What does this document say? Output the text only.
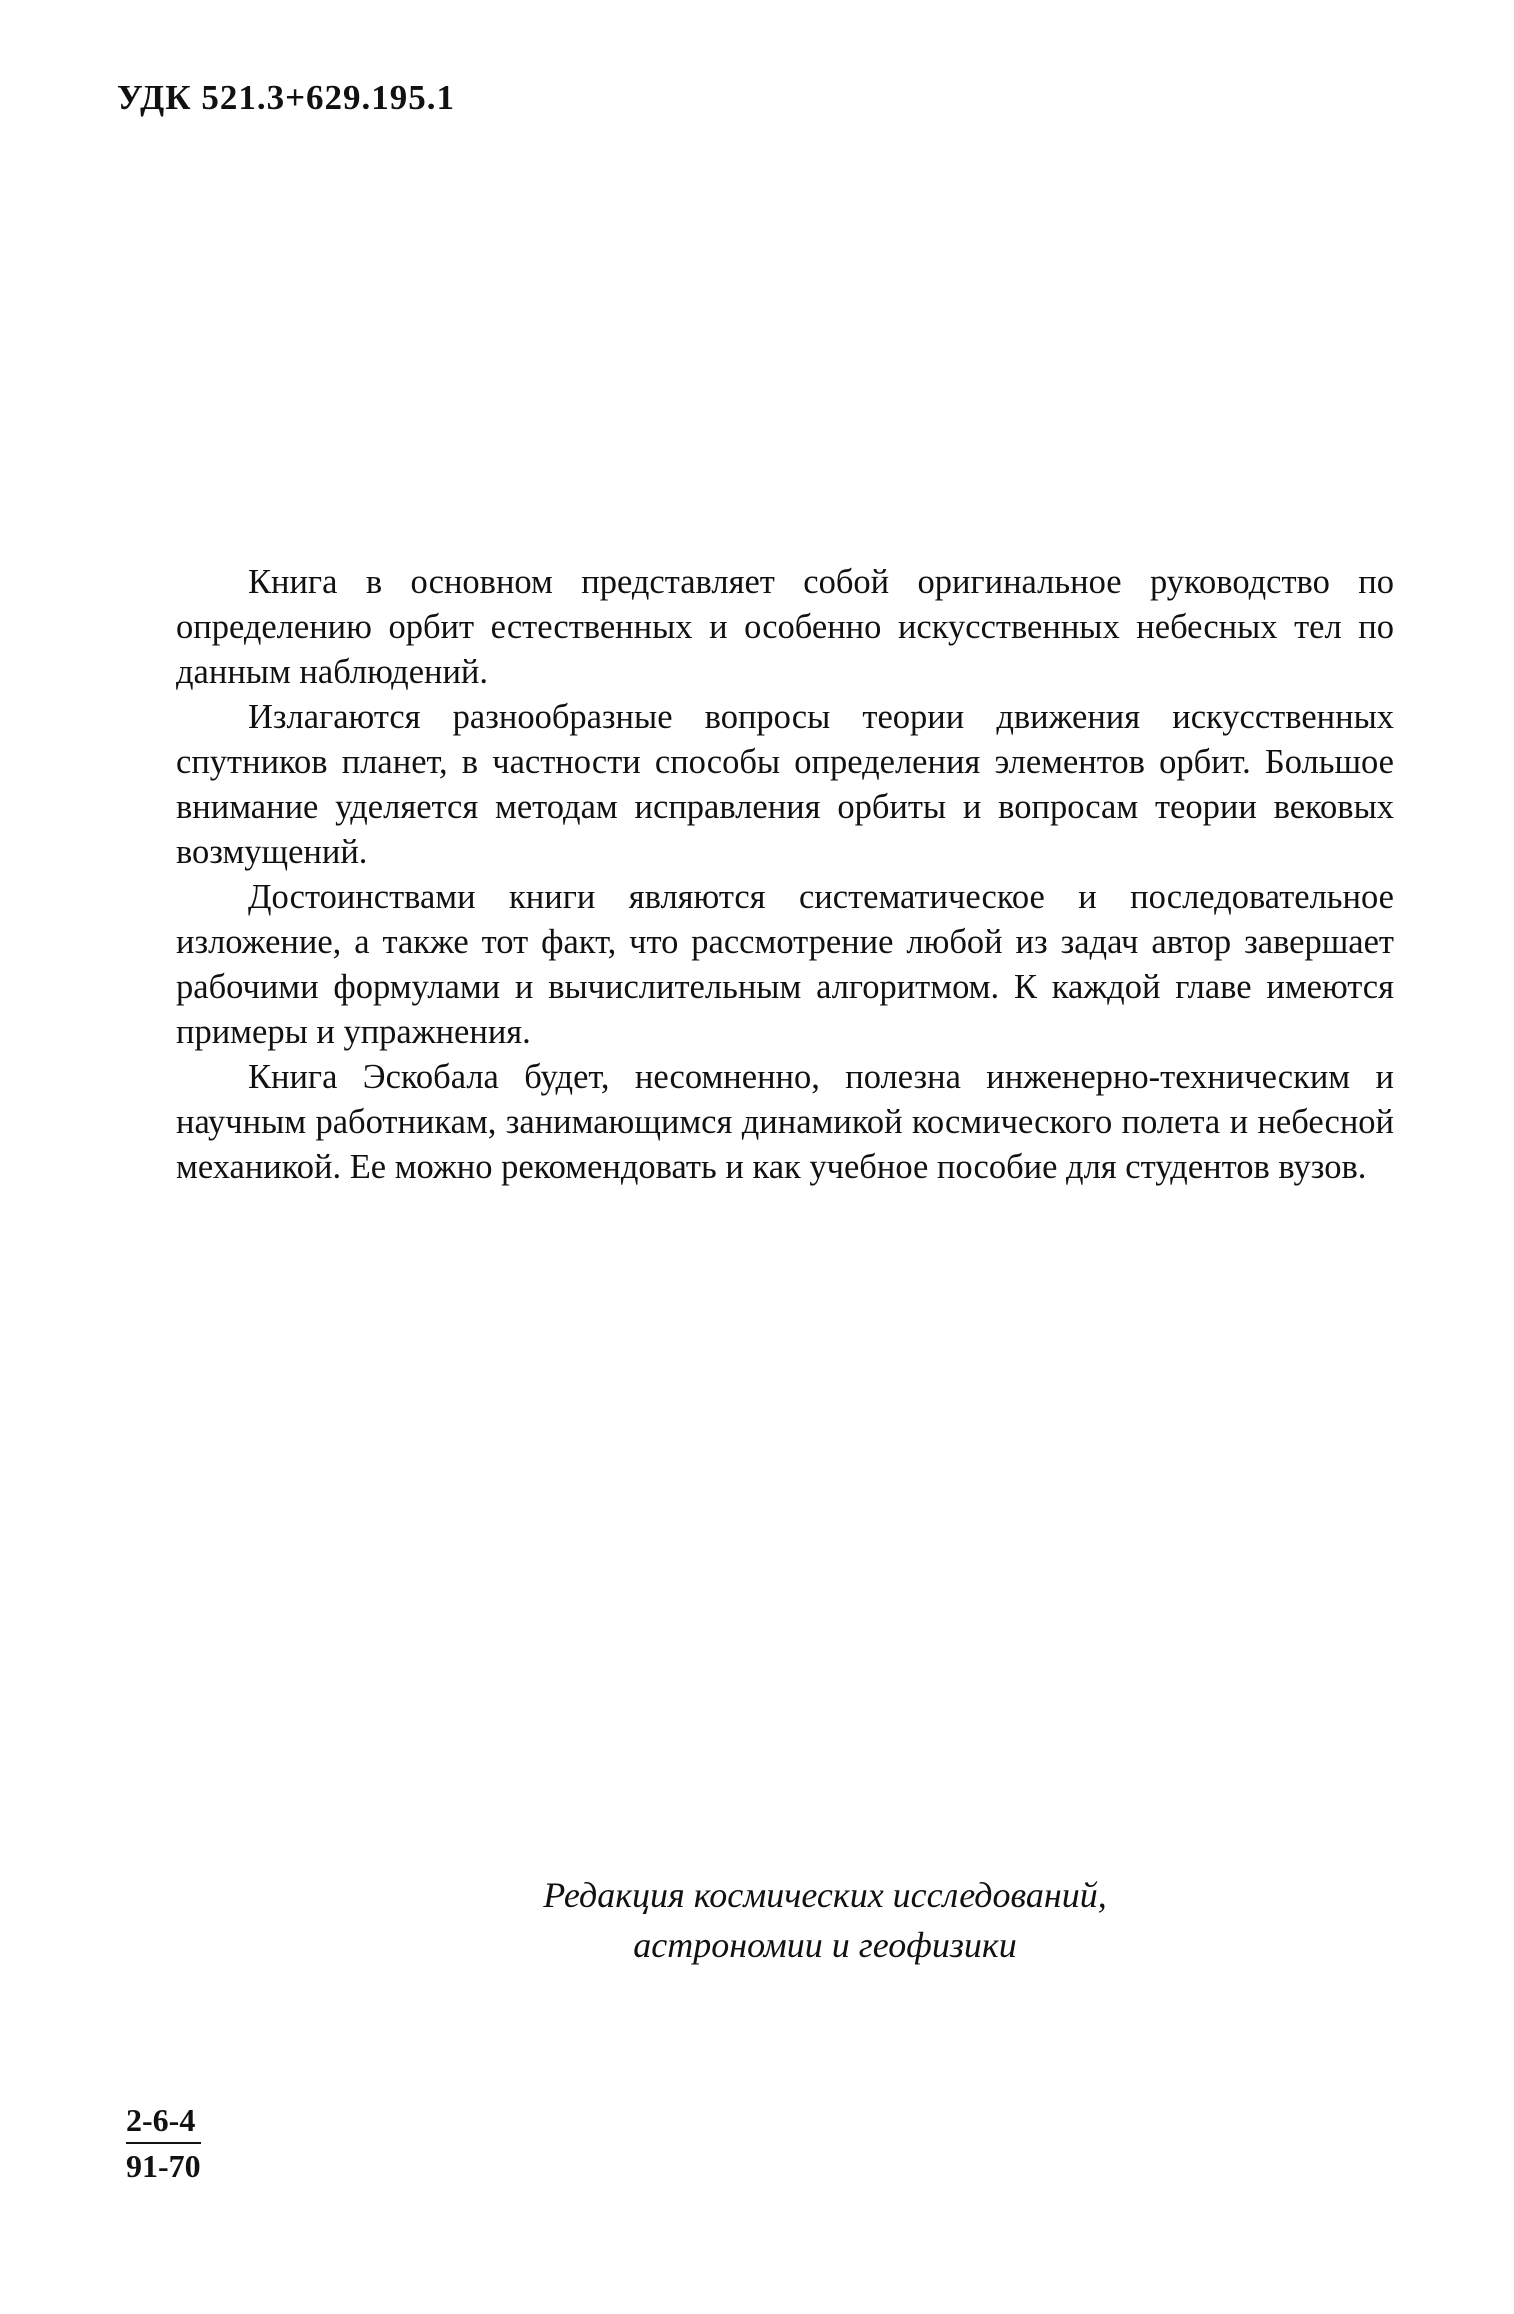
УДК 521.3+629.195.1

Книга в основном представляет собой оригинальное руководство по определению орбит естественных и особенно искусственных небесных тел по данным наблюдений.

Излагаются разнообразные вопросы теории движения искусственных спутников планет, в частности способы определения элементов орбит. Большое внимание уделяется методам исправления орбиты и вопросам теории вековых возмущений.

Достоинствами книги являются систематическое и последовательное изложение, а также тот факт, что рассмотрение любой из задач автор завершает рабочими формулами и вычислительным алгоритмом. К каждой главе имеются примеры и упражнения.

Книга Эскобала будет, несомненно, полезна инженерно-техническим и научным работникам, занимающимся динамикой космического полета и небесной механикой. Ее можно рекомендовать и как учебное пособие для студентов вузов.

Редакция космических исследований,
астрономии и геофизики
$\frac{2-6-4}{91-70}$
